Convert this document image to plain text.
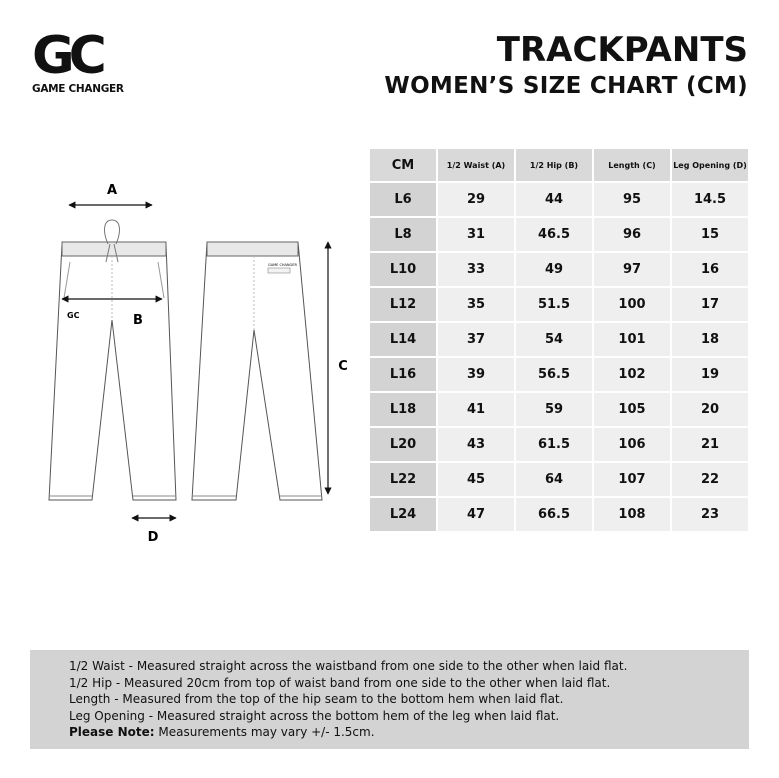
GC
GAME CHANGER
TRACKPANTS
WOMEN’S SIZE CHART (CM)
A
GC	B
GAME CHANGER
C
D
CM	1/2 Waist (A)	1/2 Hip (B)	Length (C)	Leg Opening (D)
L6	29	44	95	14.5
L8	31	46.5	96	15
L10	33	49	97	16
L12	35	51.5	100	17
L14	37	54	101	18
L16	39	56.5	102	19
L18	41	59	105	20
L20	43	61.5	106	21
L22	45	64	107	22
L24	47	66.5	108	23
1/2 Waist - Measured straight across the waistband from one side to the other when laid flat.
1/2 Hip - Measured 20cm from top of waist band from one side to the other when laid flat.
Length - Measured from the top of the hip seam to the bottom hem when laid flat.
Leg Opening - Measured straight across the bottom hem of the leg when laid flat.
Please Note: Measurements may vary +/- 1.5cm.
